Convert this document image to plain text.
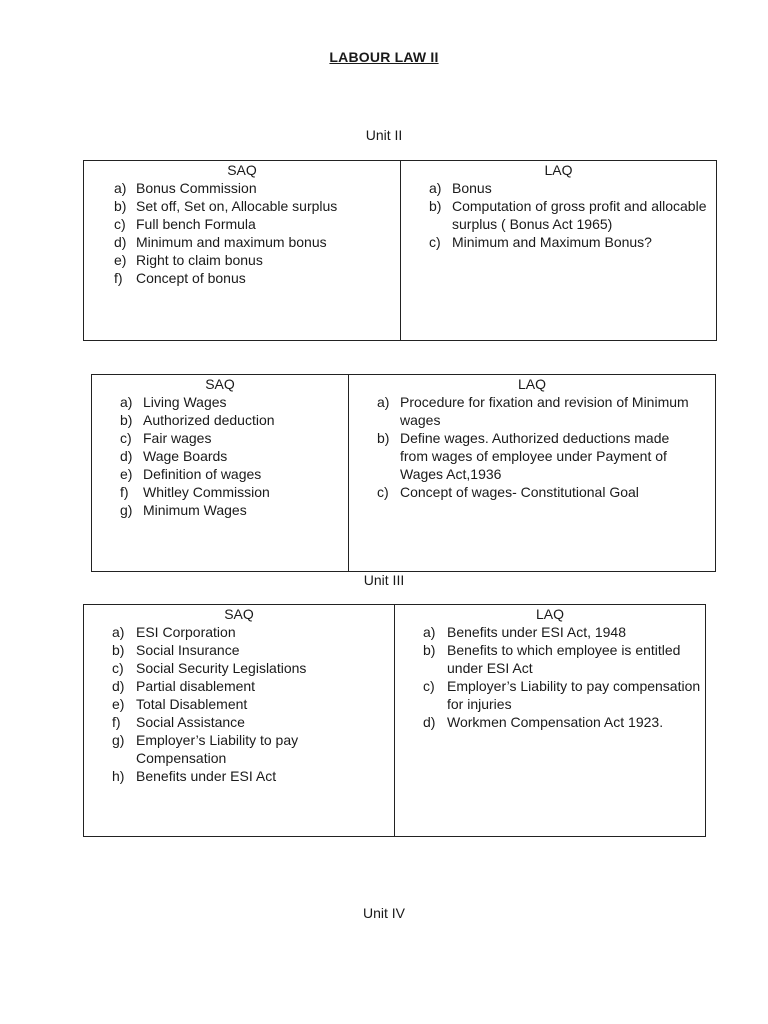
LABOUR LAW II
Unit II
SAQ
a) Bonus Commission
b) Set off, Set on, Allocable surplus
c) Full bench Formula
d) Minimum and maximum bonus
e) Right to claim bonus
f) Concept of bonus

LAQ
a) Bonus
b) Computation of gross profit and allocable surplus ( Bonus Act 1965)
c) Minimum and Maximum Bonus?
SAQ
a) Living Wages
b) Authorized deduction
c) Fair wages
d) Wage Boards
e) Definition of wages
f) Whitley Commission
g) Minimum Wages

LAQ
a) Procedure for fixation and revision of Minimum wages
b) Define wages. Authorized deductions made from wages of employee under Payment of Wages Act,1936
c) Concept of wages- Constitutional Goal
Unit III
SAQ
a) ESI Corporation
b) Social Insurance
c) Social Security Legislations
d) Partial disablement
e) Total Disablement
f) Social Assistance
g) Employer’s Liability to pay Compensation
h) Benefits under ESI Act

LAQ
a) Benefits under ESI Act, 1948
b) Benefits to which employee is entitled under ESI Act
c) Employer’s Liability to pay compensation for injuries
d) Workmen Compensation Act 1923.
Unit IV
